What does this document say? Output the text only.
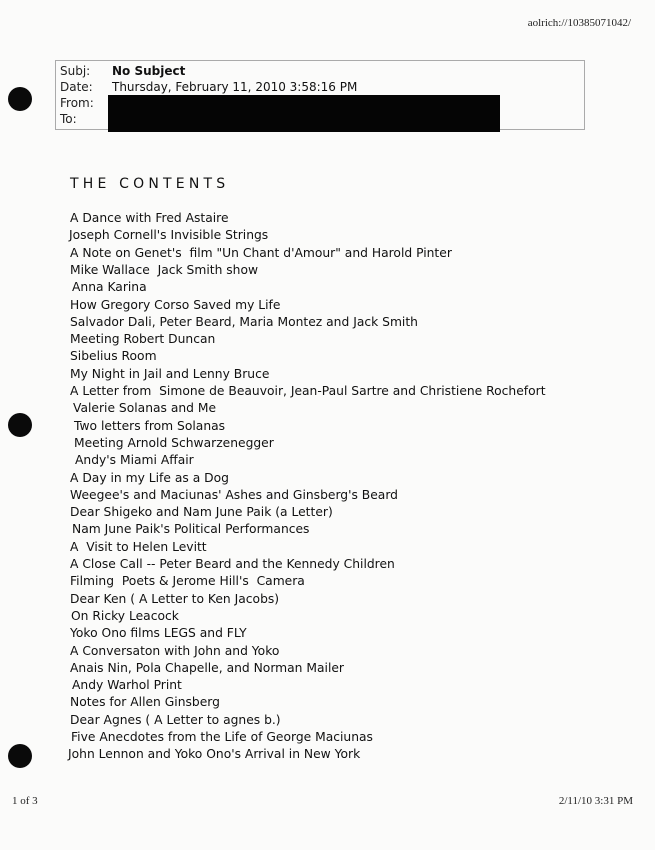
aolrich://10385071042/
Subj: No Subject
Date: Thursday, February 11, 2010 3:58:16 PM
From:
To:
THE CONTENTS
A Dance with Fred Astaire
Joseph Cornell's Invisible Strings
A Note on Genet's  film "Un Chant d'Amour" and Harold Pinter
Mike Wallace  Jack Smith show
Anna Karina
How Gregory Corso Saved my Life
Salvador Dali, Peter Beard, Maria Montez and Jack Smith
Meeting Robert Duncan
Sibelius Room
My Night in Jail and Lenny Bruce
A Letter from  Simone de Beauvoir, Jean-Paul Sartre and Christiene Rochefort
Valerie Solanas and Me
Two letters from Solanas
Meeting Arnold Schwarzenegger
Andy's Miami Affair
A Day in my Life as a Dog
Weegee's and Maciunas' Ashes and Ginsberg's Beard
Dear Shigeko and Nam June Paik (a Letter)
Nam June Paik's Political Performances
A  Visit to Helen Levitt
A Close Call -- Peter Beard and the Kennedy Children
Filming  Poets & Jerome Hill's  Camera
Dear Ken ( A Letter to Ken Jacobs)
On Ricky Leacock
Yoko Ono films LEGS and FLY
A Conversaton with John and Yoko
Anais Nin, Pola Chapelle, and Norman Mailer
Andy Warhol Print
Notes for Allen Ginsberg
Dear Agnes ( A Letter to agnes b.)
Five Anecdotes from the Life of George Maciunas
John Lennon and Yoko Ono's Arrival in New York
1 of 3	2/11/10 3:31 PM
